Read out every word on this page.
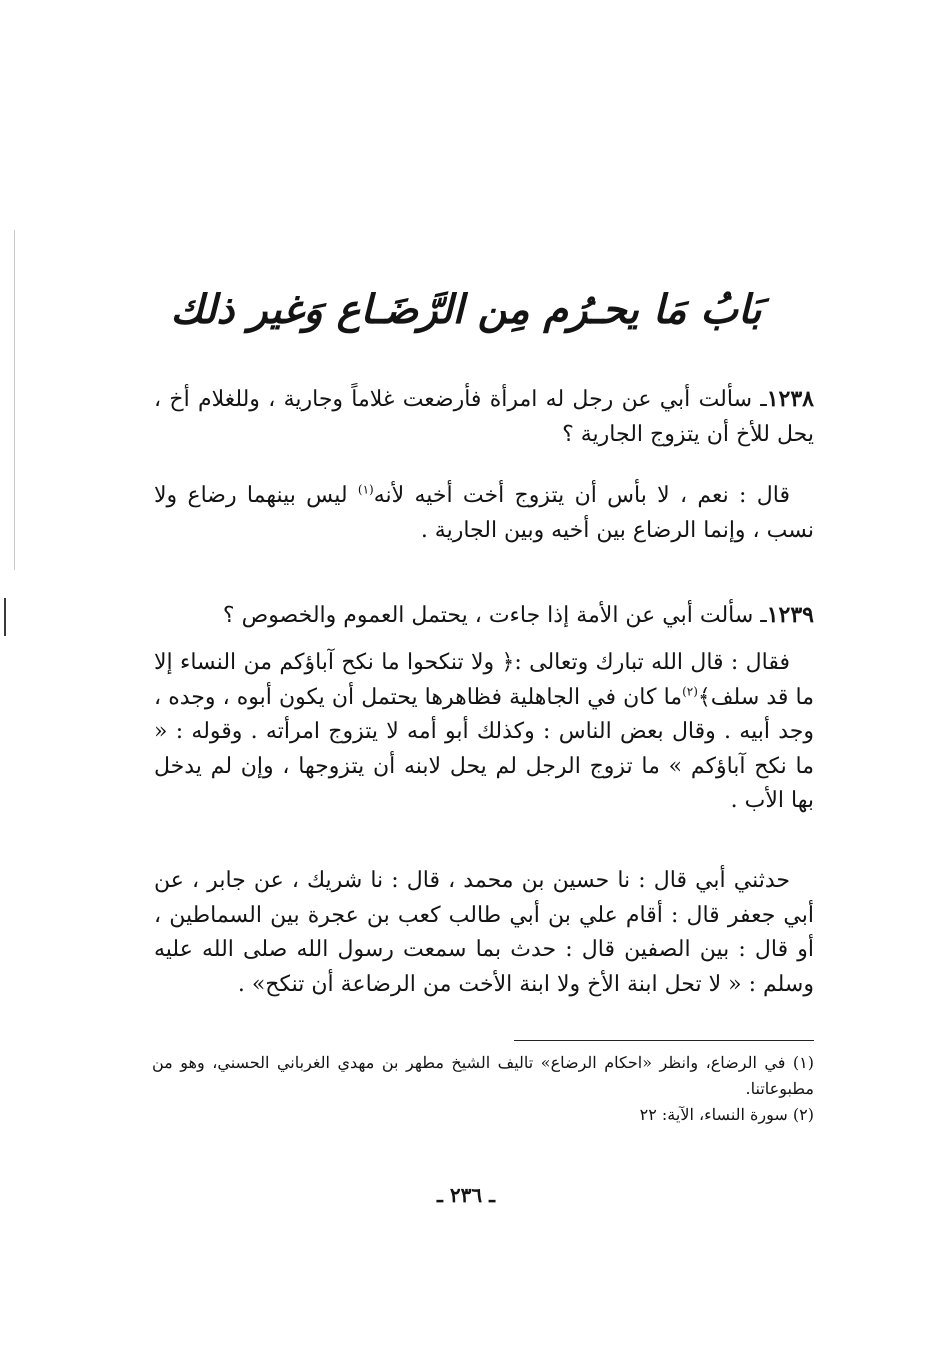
بَابُ مَا يحـرُم مِن الرَّضَـاع وَغير ذلك
١٢٣٨ـ سألت أبي عن رجل له امرأة فأرضعت غلاماً وجارية ، وللغلام أخ ، يحل للأخ أن يتزوج الجارية ؟
قال : نعم ، لا بأس أن يتزوج أخت أخيه لأنه$^{(١)}$ ليس بينهما رضاع ولا نسب ، وإنما الرضاع بين أخيه وبين الجارية .
١٢٣٩ـ سألت أبي عن الأمة إذا جاءت ، يحتمل العموم والخصوص ؟
فقال : قال الله تبارك وتعالى :﴿ ولا تنكحوا ما نكح آباؤكم من النساء إلا ما قد سلف﴾$^{(٢)}$ما كان في الجاهلية فظاهرها يحتمل أن يكون أبوه ، وجده ، وجد أبيه . وقال بعض الناس : وكذلك أبو أمه لا يتزوج امرأته . وقوله : « ما نكح آباؤكم » ما تزوج الرجل لم يحل لابنه أن يتزوجها ، وإن لم يدخل بها الأب .
حدثني أبي قال : نا حسين بن محمد ، قال : نا شريك ، عن جابر ، عن أبي جعفر قال : أقام علي بن أبي طالب كعب بن عجرة بين السماطين ، أو قال : بين الصفين قال : حدث بما سمعت رسول الله صلى الله عليه وسلم : « لا تحل ابنة الأخ ولا ابنة الأخت من الرضاعة أن تنكح» .
(١) في الرضاع، وانظر «احكام الرضاع» تاليف الشيخ مطهر بن مهدي الغرباني الحسني، وهو من مطبوعاتنا.
(٢) سورة النساء، الآية: ٢٢
ـ ٢٣٦ ـ
